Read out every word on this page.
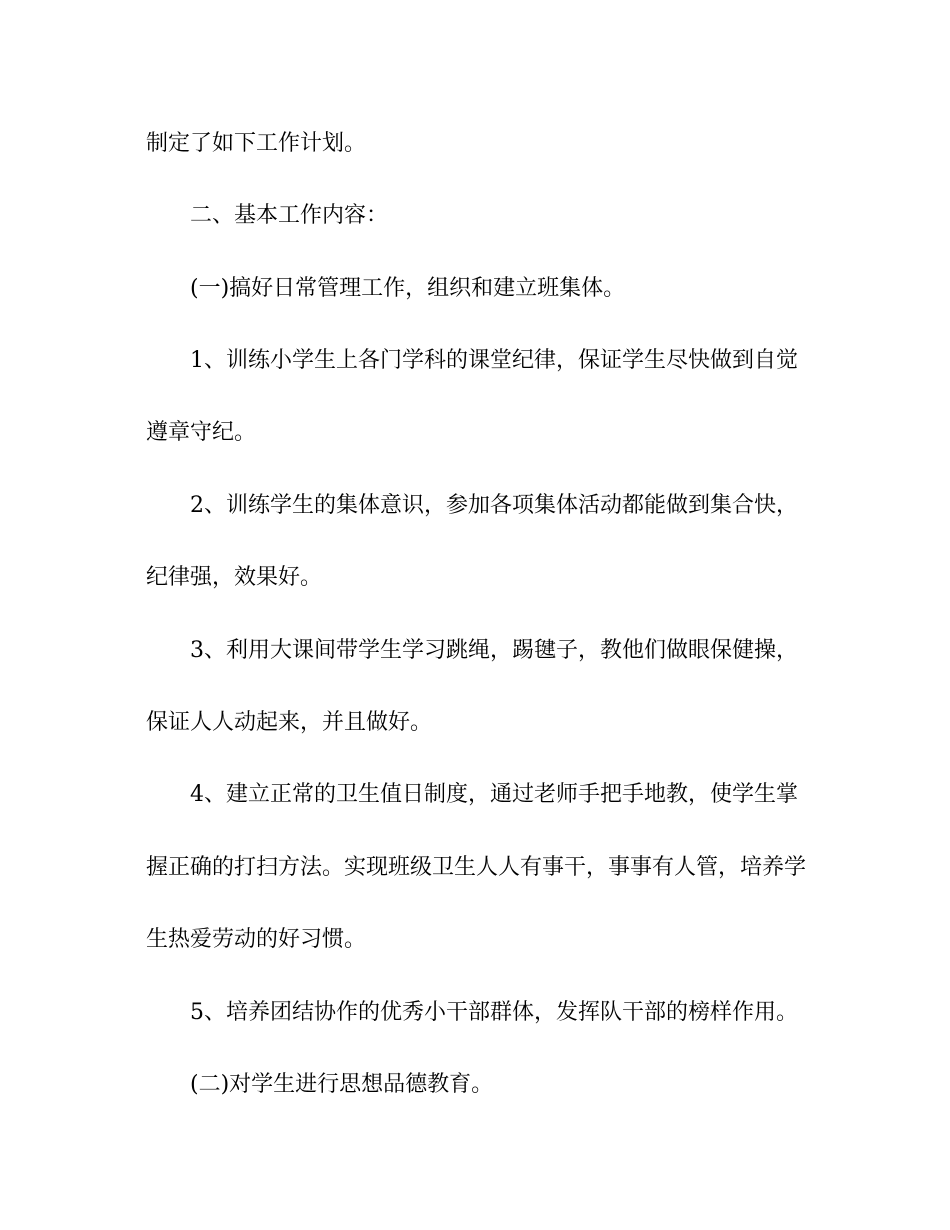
制定了如下工作计划。
二、基本工作内容：
(一)搞好日常管理工作，组织和建立班集体。
1、训练小学生上各门学科的课堂纪律，保证学生尽快做到自觉
遵章守纪。
2、训练学生的集体意识，参加各项集体活动都能做到集合快，
纪律强，效果好。
3、利用大课间带学生学习跳绳，踢毽子，教他们做眼保健操，
保证人人动起来，并且做好。
4、建立正常的卫生值日制度，通过老师手把手地教，使学生掌
握正确的打扫方法。实现班级卫生人人有事干，事事有人管，培养学
生热爱劳动的好习惯。
5、培养团结协作的优秀小干部群体，发挥队干部的榜样作用。
(二)对学生进行思想品德教育。
